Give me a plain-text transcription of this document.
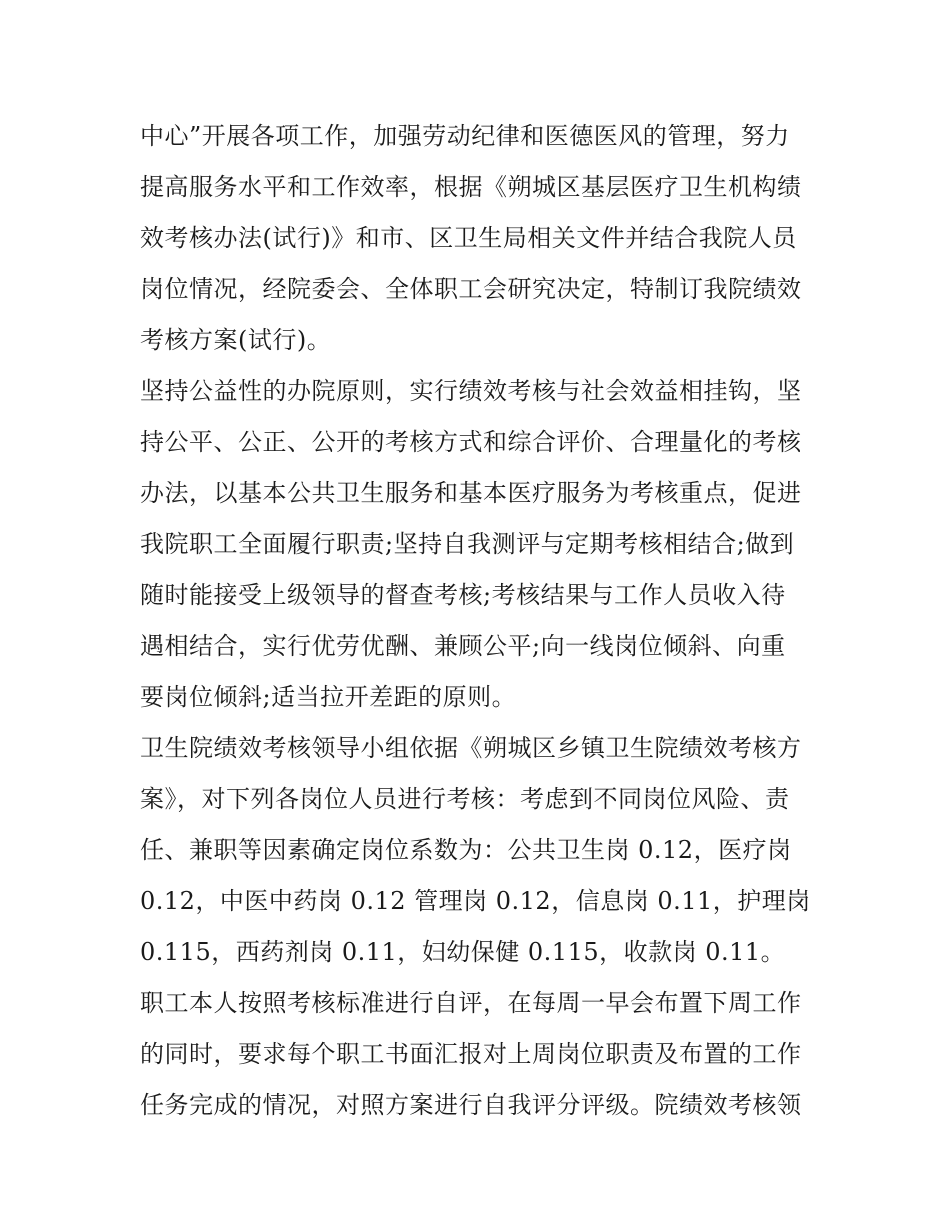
中心”开展各项工作，加强劳动纪律和医德医风的管理，努力
提高服务水平和工作效率，根据《朔城区基层医疗卫生机构绩
效考核办法(试行)》和市、区卫生局相关文件并结合我院人员
岗位情况，经院委会、全体职工会研究决定，特制订我院绩效
考核方案(试行)。
坚持公益性的办院原则，实行绩效考核与社会效益相挂钩，坚
持公平、公正、公开的考核方式和综合评价、合理量化的考核
办法，以基本公共卫生服务和基本医疗服务为考核重点，促进
我院职工全面履行职责;坚持自我测评与定期考核相结合;做到
随时能接受上级领导的督查考核;考核结果与工作人员收入待
遇相结合，实行优劳优酬、兼顾公平;向一线岗位倾斜、向重
要岗位倾斜;适当拉开差距的原则。
卫生院绩效考核领导小组依据《朔城区乡镇卫生院绩效考核方
案》，对下列各岗位人员进行考核：考虑到不同岗位风险、责
任、兼职等因素确定岗位系数为：公共卫生岗 0.12，医疗岗
0.12，中医中药岗 0.12 管理岗 0.12，信息岗 0.11，护理岗
0.115，西药剂岗 0.11，妇幼保健 0.115，收款岗 0.11。
职工本人按照考核标准进行自评，在每周一早会布置下周工作
的同时，要求每个职工书面汇报对上周岗位职责及布置的工作
任务完成的情况，对照方案进行自我评分评级。院绩效考核领
